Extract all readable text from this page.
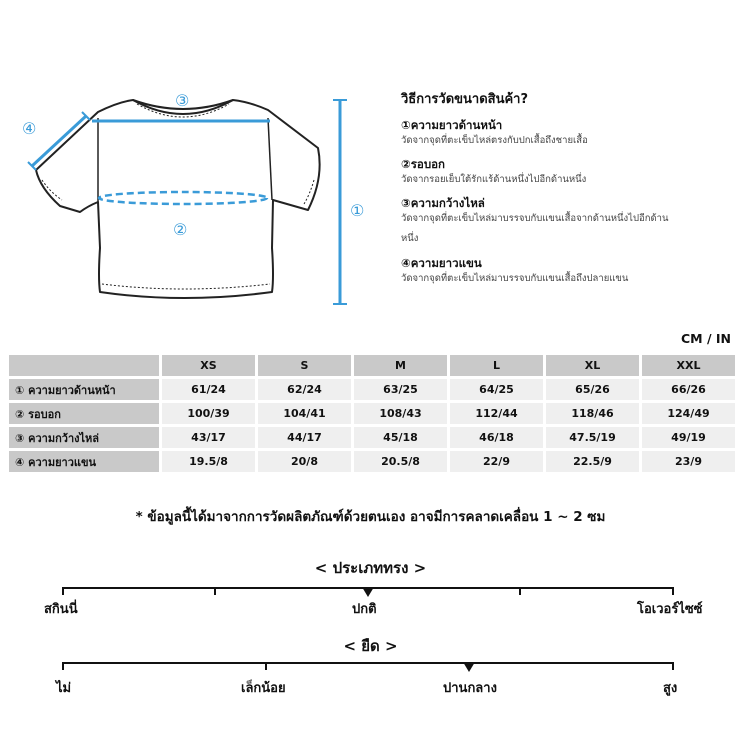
③
④
②
①
วิธีการวัดขนาดสินค้า?
①ความยาวด้านหน้า
วัดจากจุดที่ตะเข็บไหล่ตรงกับปกเสื้อถึงชายเสื้อ
②รอบอก
วัดจากรอยเย็บใต้รักแร้ด้านหนึ่งไปอีกด้านหนึ่ง
③ความกว้างไหล่
วัดจากจุดที่ตะเข็บไหล่มาบรรจบกับแขนเสื้อจากด้านหนึ่งไปอีกด้าน
หนึ่ง
④ความยาวแขน
วัดจากจุดที่ตะเข็บไหล่มาบรรจบกับแขนเสื้อถึงปลายแขน
CM / IN
	XS	S	M	L	XL	XXL
① ความยาวด้านหน้า	61/24	62/24	63/25	64/25	65/26	66/26
② รอบอก	100/39	104/41	108/43	112/44	118/46	124/49
③ ความกว้างไหล่	43/17	44/17	45/18	46/18	47.5/19	49/19
④ ความยาวแขน	19.5/8	20/8	20.5/8	22/9	22.5/9	23/9
* ข้อมูลนี้ได้มาจากการวัดผลิตภัณฑ์ด้วยตนเอง อาจมีการคลาดเคลื่อน 1 ~ 2 ซม
< ประเภททรง >
สกินนี่	ปกติ	โอเวอร์ไซซ์
< ยืด >
ไม่	เล็กน้อย	ปานกลาง	สูง
